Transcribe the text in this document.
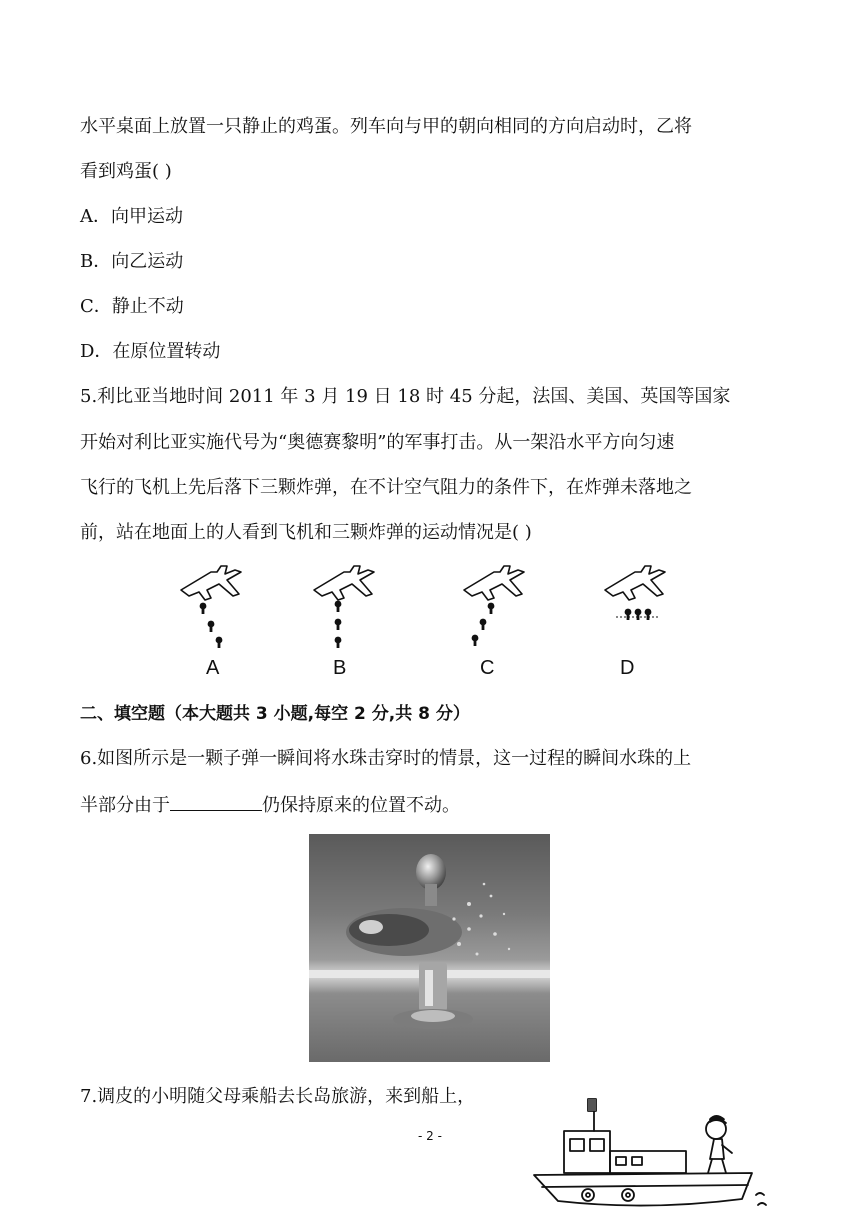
水平桌面上放置一只静止的鸡蛋。列车向与甲的朝向相同的方向启动时，乙将
看到鸡蛋( )
A．向甲运动
B．向乙运动
C．静止不动
D．在原位置转动
5.利比亚当地时间 2011 年 3 月 19 日 18 时 45 分起，法国、美国、英国等国家
开始对利比亚实施代号为“奥德赛黎明”的军事打击。从一架沿水平方向匀速
飞行的飞机上先后落下三颗炸弹，在不计空气阻力的条件下，在炸弹未落地之
前，站在地面上的人看到飞机和三颗炸弹的运动情况是( )
A	B	C	D
二、填空题（本大题共 3 小题,每空 2 分,共 8 分）
6.如图所示是一颗子弹一瞬间将水珠击穿时的情景，这一过程的瞬间水珠的上
半部分由于	仍保持原来的位置不动。
7.调皮的小明随父母乘船去长岛旅游，来到船上，
- 2 -
